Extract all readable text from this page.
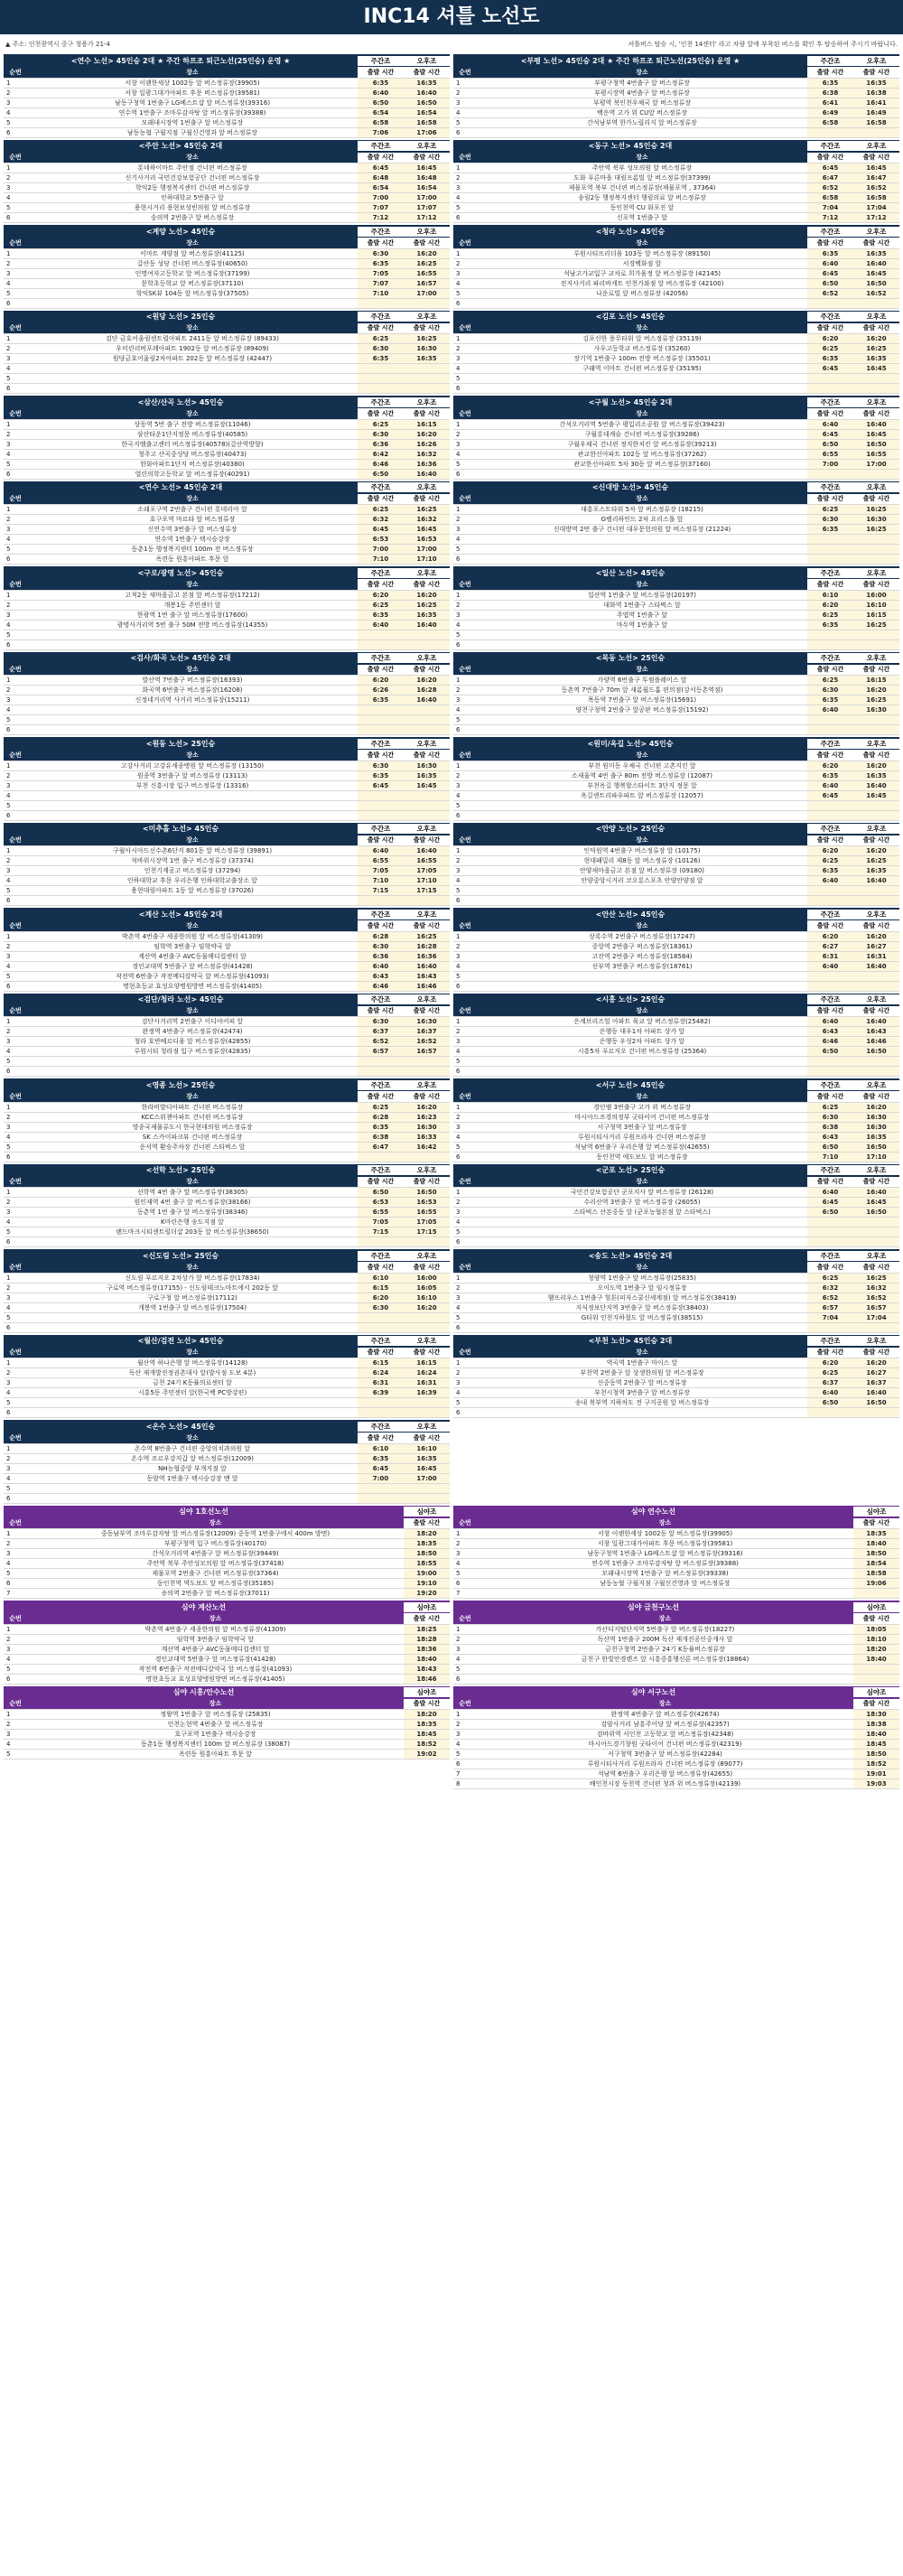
INC14 셔틀 노선도
▲ 주소: 인천광역시 중구 청용가 21-4	셔틀버스 탑승 시, '인천 14센터' 라고 차량 앞에 부착된 버스를 확인 후 탑승하여 주시기 바랍니다.
<연수 노선> 45인승 2대 ★ 주간 하프조 퇴근노선(25인승) 운영 ★	주간조	오후조
순번	장소	출발 시간	출발 시간
1	서창 이랜한세상 1002동 앞 버스정류장(39905)	6:35	16:35
2	서창 일광그대가아파트 후문 버스정류장(39581)	6:40	16:40
3	남동구청역 1번출구 LG베스트샵 앞 버스정류장(39316)	6:50	16:50
4	연수역 1번출구 조마루감자탕 앞 버스정류장(39388)	6:54	16:54
5	모래내시장역 1번출구 앞 버스정류장	6:58	16:58
6	남동농협 구월지점 구월신건영과 앞 버스정류장	7:06	17:06
<부평 노선> 45인승 2대 ★ 주간 하프조 퇴근노선(25인승) 운영 ★	주간조	오후조
순번	장소	출발 시간	출발 시간
1	부평구청역 4번출구 앞 버스정류장	6:35	16:35
2	부평시장역 4번출구 앞 버스정류장	6:38	16:38
3	부평역 북인천우체국 앞 버스정류장	6:41	16:41
4	백운역 고가 위 CU앞 버스정류장	6:49	16:49
5	간석남부역 한가노릴리지 앞 버스정류장	6:58	16:58
6			
<주안 노선> 45인승 2대	주간조	오후조
순번	장소	출발 시간	출발 시간
1	롯데하이마트 주안점 건너편 버스정류장	6:45	16:45
2	신기사거리 국민건강보험공단 건너편 버스정류장	6:48	16:48
3	학익2동 행정복지센터 건너편 버스정류장	6:54	16:54
4	인하대학교 5번출구 앞	7:00	17:00
5	용현시거리 용현보성빈의원 앞 버스정류장	7:07	17:07
6	숭의역 2번출구 앞 버스정류장	7:12	17:12
<동구 노선> 45인승 2대	주간조	오후조
순번	장소	출발 시간	출발 시간
1	주안역 북부 성모의원 앞 버스정류장	6:45	16:45
2	도화 푸른마을 대림프롬빌 앞 버스정류장(37399)	6:47	16:47
3	제물포역 북부 건너편 버스정류장(제물포역 , 37364)	6:52	16:52
4	송림2동 행정복지센터 행림의료 앞 버스정류장	6:58	16:58
5	동인천역 CU 화포진 앞	7:04	17:04
6	신포역 1번출구 앞	7:12	17:12
<계양 노선> 45인승	주간조	오후조
순번	장소	출발 시간	출발 시간
1	이마트 계양점 앞 버스정류장(41125)	6:30	16:20
2	갈산동 성당 건너편 버스정류장(40650)	6:35	16:25
3	인명여자고등학교 앞 버스정류장(37199)	7:05	16:55
4	문학초등학교 앞 버스정류장(37110)	7:07	16:57
5	학익SK뷰 104동 앞 버스정류장(37505)	7:10	17:00
6			
<청라 노선> 45인승	주간조	오후조
순번	장소	출발 시간	출발 시간
1	루원시티프리더움 103동 앞 버스정류장 (89150)	6:35	16:35
2	서경백화점 앞	6:40	16:40
3	석남고가교입구 교차로 희가움정 앞 버스정류장 (42145)	6:45	16:45
4	전지사거리 파리바게트 인천가좌점 앞 버스정류장 (42100)	6:50	16:50
5	나운로빌 앞 버스정류장 (42056)	6:52	16:52
6			
<원당 노선> 25인승	주간조	오후조
순번	장소	출발 시간	출발 시간
1	검단 금호어울림센트럴아파트 2411동 앞 버스정류장 (89433)	6:25	16:25
2	우미린리버포레아파트 1902동 앞 버스정류장 (89409)	6:30	16:30
3	원당금호어울림2차아파트 202동 앞 버스정류장 (42447)	6:35	16:35
4			
5			
6			
<김포 노선> 45인승	주간조	오후조
순번	장소	출발 시간	출발 시간
1	김포신한 풍무타워 앞 버스정류장 (35119)	6:20	16:20
2	사우고등학교 버스정류장 (35260)	6:25	16:25
3	장기역 1번출구 100m 전방 버스정류장 (35501)	6:35	16:35
4	구래역 이마트 건너편 버스정류장 (35195)	6:45	16:45
5			
6			
<삼산/산곡 노선> 45인승	주간조	오후조
순번	장소	출발 시간	출발 시간
1	상동역 5번 출구 전방 버스정류장(11046)	6:25	16:15
2	삼산타운1단지정문 버스정류장(40585)	6:30	16:20
3	한국지엠출고센터 버스정류장(40578)(갈산역방향)	6:36	16:26
4	청주고 산곡중성당 버스정류장(40473)	6:42	16:32
5	한화아파트1단지 버스정류장(40380)	6:46	16:36
6	열린의학고등학교 앞 버스정류장(40291)	6:50	16:40
<구월 노선> 45인승 2대	주간조	오후조
순번	장소	출발 시간	출발 시간
1	간석오거리역 5번출구 평입리소공원 앞 버스정류장(39423)	6:40	16:40
2	구월롯데캐슬 건너편 버스정류장(39286)	6:45	16:45
3	구월우체국 건너편 정직한치킨 앞 버스정류장(39213)	6:50	16:50
4	관교한신아파트 102동 앞 버스정류장(37262)	6:55	16:55
5	관교한신아파트 5차 30동 앞 버스정류장(37160)	7:00	17:00
6			
<연수 노선> 45인승 2대	주간조	오후조
순번	장소	출발 시간	출발 시간
1	소래포구역 2번출구 건너편 롯데리아 앞	6:25	16:25
2	호구포역 마르타 앞 버스정류장	6:32	16:32
3	신연수역 3번출구 앞 버스정류장	6:45	16:45
4	연수역 1번출구 택시승강장	6:53	16:53
5	동춘1동 행정복지센터 100m 전 버스정류장	7:00	17:00
6	옥련동 원흥아파트 후문 앞	7:10	17:10
<신대방 노선> 45인승	주간조	오후조
순번	장소	출발 시간	출발 시간
1	대흥포스트타워 5차 앞 버스정류장 (18215)	6:25	16:25
2	G벨리하인드 2차 요리스톨 앞	6:30	16:30
3	신대방역 2번 출구 건너편 대우문헌의원 앞 버스정류장 (21224)	6:35	16:25
4			
5			
6			
<구로/광명 노선> 45인승	주간조	오후조
순번	장소	출발 시간	출발 시간
1	고척2동 새마을금고 본점 앞 버스정류장(17212)	6:20	16:20
2	개봉1동 주민센터 앞	6:25	16:25
3	한광역 1번 출구 앞 버스정류장(17600)	6:35	16:35
4	광명사거리역 5번 출구 50M 전방 버스정류장(14355)	6:40	16:40
5			
6			
<일산 노선> 45인승	주간조	오후조
순번	장소	출발 시간	출발 시간
1	일산역 1번출구 앞 버스정류장(20197)	6:10	16:00
2	대화역 1번출구 스타벅스 앞	6:20	16:10
3	주엽역 1번출구 앞	6:25	16:15
4	마두역 1번출구 앞	6:35	16:25
5			
6			
<검사/화곡 노선> 45인승 2대	주간조	오후조
순번	장소	출발 시간	출발 시간
1	발산역 7번출구 버스정류장(16393)	6:20	16:20
2	화곡역 6번출구 버스정류장(16208)	6:26	16:28
3	신정네거리역 사거리 버스정류장(15211)	6:35	16:40
4			
5			
6			
<목동 노선> 25인승	주간조	오후조
순번	장소	출발 시간	출발 시간
1	가양역 6번출구 투썸플레이스 앞	6:25	16:15
2	등촌역 7번출구 70m 앞 새롬월드홈 편의점(강서등촌역점)	6:30	16:20
3	목동역 7번출구 앞 버스정류장(15691)	6:35	16:25
4	양천구청역 2번출구 앞공판 버스정류장(15192)	6:40	16:30
5			
6			
<원동 노선> 25인승	주간조	오후조
순번	장소	출발 시간	출발 시간
1	고강사거리 고강유세종병원 앞 버스정류장 (13150)	6:30	16:30
2	원종역 3번출구 앞 버스정류장 (13113)	6:35	16:35
3	부천 신흥시장 입구 버스정류장 (13316)	6:45	16:45
4			
5			
6			
<원미/옥길 노선> 45인승	주간조	오후조
순번	장소	출발 시간	출발 시간
1	부천 원미동 우체국 건너편 고촌지킨 앞	6:20	16:20
2	소새울역 4번 출구 80m 전방 버스정류장 (12087)	6:35	16:35
3	부천옥길 행복할스타이트 3단지 정문 앞	6:40	16:40
4	옥길센트리파우파트 앞 버스정류장 (12057)	6:45	16:45
5			
6			
<미추홀 노선> 45인승	주간조	오후조
순번	장소	출발 시간	출발 시간
1	구월아시아드선수촌6단지 801동 앞 버스정류장 (39891)	6:40	16:40
2	석바위시장역 1번 출구 버스정류장 (37374)	6:55	16:55
3	인천기계공고 버스정류장 (37294)	7:05	17:05
4	인하대학교 후문 우리은행 인하대학교출장소 앞	7:10	17:10
5	용현대림아파트 1동 앞 버스정류장 (37026)	7:15	17:15
6			
<안양 노선> 25인승	주간조	오후조
순번	장소	출발 시간	출발 시간
1	인덕원역 4번출구 버스정류장 앞 (10175)	6:20	16:20
2	현대패밀리 제8동 앞 버스정류장 (10126)	6:25	16:25
3	안양새마을금고 본점 앞 버스정류장 (09180)	6:35	16:35
4	안양중앙시거리 코오롱스포츠 안양안양점 앞	6:40	16:40
5			
6			
<계산 노선> 45인승 2대	주간조	오후조
순번	장소	출발 시간	출발 시간
1	박촌역 4번출구 세종한의원 앞 버스정류장(41309)	6:28	16:25
2	임학역 3번출구 임학약국 앞	6:30	16:28
3	계산역 4번출구 AVC동물메디컬센터 앞	6:36	16:36
4	경인교대역 5번출구 앞 버스정류장(41428)	6:40	16:40
5	작전역 6번출구 작전메디칼약국 앞 버스정류장(41093)	6:43	16:43
6	명현초등교 효성요양병원방면 버스정류장(41405)	6:46	16:46
<안산 노선> 45인승	주간조	오후조
순번	장소	출발 시간	출발 시간
1	상록수역 2번출구 버스정류장(17247)	6:20	16:20
2	중앙역 2번출구 버스정류장(18361)	6:27	16:27
3	고잔역 2번출구 버스정류장(18584)	6:31	16:31
4	선부역 3번출구 버스정류장(18761)	6:40	16:40
5			
6			
<검단/청라 노선> 45인승	주간조	오후조
순번	장소	출발 시간	출발 시간
1	검단사거리역 2번출구 이디야커피 앞	6:30	16:30
2	완정역 4번출구 버스정류장(42474)	6:37	16:37
3	청라 호반베르디움 앞 버스정류장(42855)	6:52	16:52
4	루원시티 청라점 입구 버스정류장(42835)	6:57	16:57
5			
6			
<시흥 노선> 25인승	주간조	오후조
순번	장소	출발 시간	출발 시간
1	은계브리즈힐 아파트 육교 앞 버스정류장(25482)	6:40	16:40
2	은행동 대우1차 아파트 상가 앞	6:43	16:43
3	은행동 우성2차 아파트 상가 앞	6:46	16:46
4	시흥5차 푸르지오 건너편 버스정류장 (25364)	6:50	16:50
5			
6			
<영종 노선> 25인승	주간조	오후조
순번	장소	출발 시간	출발 시간
1	한라비발디아파트 건너편 버스정류장	6:25	16:20
2	KCC스위첸아파트 건너편 버스정류장	6:28	16:23
3	영종국제물류도시 한국현대의원 버스정류장	6:35	16:30
4	SK 스카이파크뷰 건너편 버스정류장	6:38	16:33
5	운서역 환승주차장 건너편 스타벅스 앞	6:47	16:42
6			
<서구 노선> 45인승	주간조	오후조
순번	장소	출발 시간	출발 시간
1	경인엠 3번출구 고가 위 버스정류장	6:25	16:20
2	마시아드조경의정부 굿타이어 건너편 버스정류장	6:30	16:30
3	서구청역 3번출구 앞 버스정류장	6:38	16:30
4	루원시티사거리 루원프라자 건너편 버스정류장	6:43	16:35
5	석남역 6번출구 우리은행 앞 버스정류장(42655)	6:50	16:50
6	동인천역 애도보도 앞 버스정류장	7:10	17:10
<선학 노선> 25인승	주간조	오후조
순번	장소	출발 시간	출발 시간
1	선학역 4번 출구 앞 버스정류장(38305)	6:50	16:50
2	원인재역 4번 출구 앞 버스정류장(38166)	6:53	16:53
3	동춘역 1번 출구 앞 버스정류장(38346)	6:55	16:55
4	K마린은행 송도지점 앞	7:05	17:05
5	랜드마크시티센트럴더샵 203동 앞 버스정류장(38650)	7:15	17:15
6			
<군포 노선> 25인승	주간조	오후조
순번	장소	출발 시간	출발 시간
1	국민건강보험공단 군포지사 앞 버스정류장 (26128)	6:40	16:40
2	수리산역 3번출구 앞 버스정류장 (26055)	6:45	16:45
3	스타벅스 산본중동 앞 (군포농협본점 앞 스타벅스)	6:50	16:50
4			
5			
6			
<신도림 노선> 25인승	주간조	오후조
순번	장소	출발 시간	출발 시간
1	신도림 푸르지오 2차상가 앞 버스정류장(17834)	6:10	16:00
2	구로역 버스정류장(17155) - 신도림테크노마트에서 202동 앞	6:15	16:05
3	구로구청 앞 버스정류장(17112)	6:20	16:10
4	개봉역 1번출구 앞 버스정류장(17504)	6:30	16:20
5			
6			
<송도 노선> 45인승 2대	주간조	오후조
순번	장소	출발 시간	출발 시간
1	청량역 1번출구 앞 버스정류장(25835)	6:25	16:25
2	오이도역 1번출구 앞 임시정류장	6:32	16:32
3	햄프리우스 1번출구 힐튼(피자스쿨신세계점) 앞 버스정류장(38419)	6:52	16:52
4	지식정보단지역 3번출구 앞 버스정류장(38403)	6:57	16:57
5	G타워 인천지하철도 앞 버스정류장(38515)	7:04	17:04
6			
<월산/검전 노선> 45인승	주간조	오후조
순번	장소	출발 시간	출발 시간
1	월산역 하나은행 앞 버스정류장(14128)	6:15	16:15
2	독산 재개발진정권촌대사 앞(발사점 도보 4분)	6:24	16:24
3	금천 24기 K동률의료센터 앞	6:31	16:31
4	시흥5동 주민센터 앞(한국백 PC방강편)	6:39	16:39
5			
6			
<부천 노선> 45인승 2대	주간조	오후조
순번	장소	출발 시간	출발 시간
1	역곡역 1번출구 마이스 앞	6:20	16:20
2	부천역 2번출구 앞 상생한의원 앞 버스정류장	6:25	16:27
3	신중동역 2번출구 앞 버스정류장	6:37	16:37
4	부천시청역 3번출구 앞 버스정류장	6:40	16:40
5	송내 북부역 지하차도 전 구지공원 앞 버스정류장	6:50	16:50
6			
<온수 노선> 45인승	주간조	오후조
순번	장소	출발 시간	출발 시간
1	온수역 8번출구 건너편 중앙의치과의원 앞	6:10	16:10
2	온수역 조르우강지갑 앞 버스정류장(12009)	6:35	16:35
3	NH농협중앙 부개지점 앞	6:45	16:45
4	동암역 1번출구 택시승강장 맨 앞	7:00	17:00
5			
6			
심야 1호선노선	심야조
순번	장소	출발 시간
1	중동남부역 조마루감자탕 앞 버스정류장(12009) 중동역 1번출구에서 400m 방면)	18:20
2	부평구청역 입구 버스정류장(40170)	18:35
3	간석오거리역 4번출구 앞 버스정류장(39449)	18:50
4	주안역 북부 주안성모의원 앞 버스정류장(37418)	18:55
5	제물포역 2번출구 건너편 버스정류장(37364)	19:00
6	동인천역 역도보도 앞 버스정류장(35185)	19:10
7	송의역 2번출구 앞 버스정류장(37011)	19:20
심야 연수노선	심야조
순번	장소	출발 시간
1	서창 이랜한세상 1002동 앞 버스정류장(39905)	18:35
2	서창 일광그대가아파트 후문 버스정류장(39581)	18:40
3	남동구청역 1번출구 LG베스트샵 앞 버스정류장(39316)	18:50
4	연수역 1번출구 조마루감자탕 앞 버스정류장(39388)	18:54
5	모래내시장역 1번출구 앞 버스정류장(39338)	18:58
6	남동농협 구월지점 구월신건영과 앞 버스정류장	19:06
7		
심야 계산노선	심야조
순번	장소	출발 시간
1	박촌역 4번출구 세종한의원 앞 버스정류장(41309)	18:25
2	임학역 3번출구 임학약국 앞	18:28
3	계산역 4번출구 AVC동물메디컬센터 앞	18:36
4	경인교대역 5번출구 앞 버스정류장(41428)	18:40
5	작전역 6번출구 작전메디칼약국 앞 버스정류장(41093)	18:43
6	명현초등교 효성요양병원방면 버스정류장(41405)	18:46
심야 금천구노선	심야조
순번	장소	출발 시간
1	가산디지털단지역 5번출구 앞 버스정류장(18227)	18:05
2	독산역 1번출구 200M 독산 재개진공인중개사 앞	18:10
3	금천구청역 2번출구 24기 K동률버스정류장	18:20
4	금천구 한빛안경렌즈 앞 시흥중흥행신론 버스정류장(18864)	18:40
5		
6		
심야 시흥/안수노선	심야조
순번	장소	출발 시간
1	정왕역 1번출구 앞 버스정류장 (25835)	18:20
2	인천논현역 4번출구 앞 버스정류장	18:35
3	호구포역 1번출구 택시승강장	18:45
4	동춘1동 행정복지센터 100m 앞 버스정류장 (38087)	18:52
5	옥련동 원흥아파트 후문 앞	19:02
심야 서구노선	심야조
순번	장소	출발 시간
1	완정역 4번출구 앞 버스정류장(42674)	18:30
2	검암사거리 남흥주어당 앞 버스정류장(42357)	18:38
3	검바위역 서인천 고등학교 앞 버스정류장(42348)	18:40
4	마시아드경기창원 굿타이어 건너편 버스정류장(42319)	18:45
5	서구청역 3번출구 앞 버스정류장(42284)	18:50
6	루원시티사거리 루원프라자 건너편 버스정류장 (89077)	18:52
7	석남역 6번출구 우리은행 앞 버스정류장(42655)	19:01
8	배인천시장 동천역 건너편 청과 위 버스정류장(42139)	19:03
